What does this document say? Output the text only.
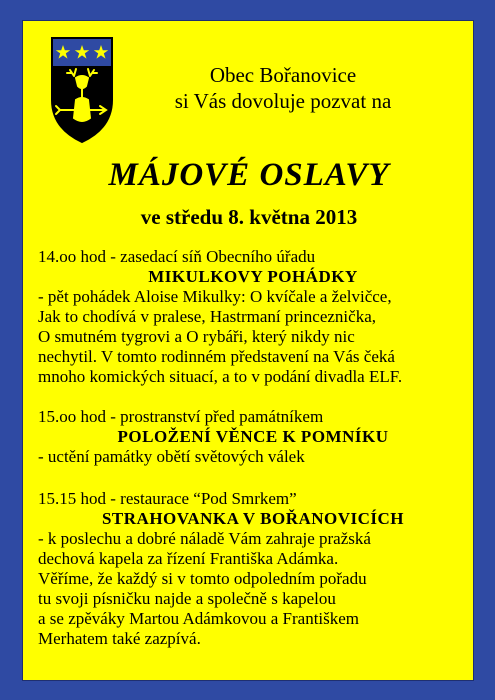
Obec Bořanovice
si Vás dovoluje pozvat na
MÁJOVÉ OSLAVY
ve středu 8. května 2013
14.oo hod - zasedací síň Obecního úřadu
MIKULKOVY POHÁDKY
- pět pohádek Aloise Mikulky: O kvíčale a želvičce,
Jak to chodívá v pralese, Hastrmaní princeznička,
O smutném tygrovi a O rybáři, který nikdy nic
nechytil. V tomto rodinném představení na Vás čeká
mnoho komických situací, a to v podání divadla ELF.
15.oo hod - prostranství před památníkem
POLOŽENÍ VĚNCE K POMNÍKU
- uctění památky obětí světových válek
15.15 hod - restaurace “Pod Smrkem”
STRAHOVANKA V BOŘANOVICÍCH
- k poslechu a dobré náladě Vám zahraje pražská
dechová kapela za řízení Františka Adámka.
Věříme, že každý si v tomto odpoledním pořadu
tu svoji písničku najde a společně s kapelou
a se zpěváky Martou Adámkovou a Františkem
Merhatem také zazpívá.
